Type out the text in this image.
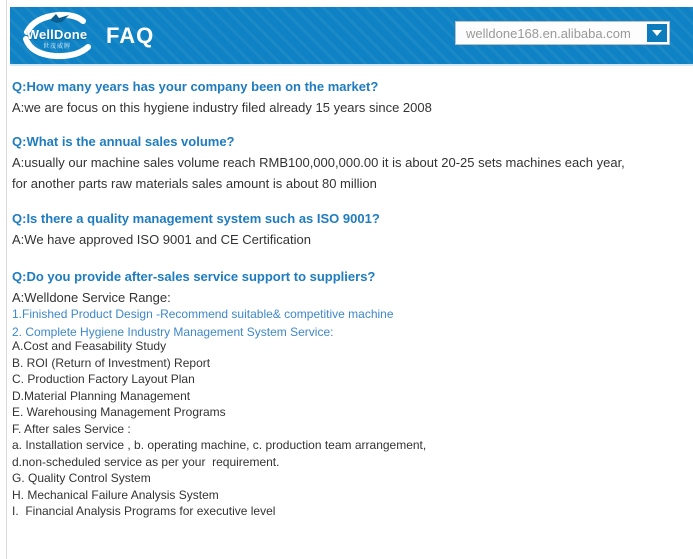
WellDone
世茂威牌	FAQ	welldone168.en.alibaba.com
Q:How many years has your company been on the market?
A:we are focus on this hygiene industry filed already 15 years since 2008
Q:What is the annual sales volume?
A:usually our machine sales volume reach RMB100,000,000.00 it is about 20-25 sets machines each year,
for another parts raw materials sales amount is about 80 million
Q:Is there a quality management system such as ISO 9001?
A:We have approved ISO 9001 and CE Certification
Q:Do you provide after-sales service support to suppliers?
A:Welldone Service Range:
1.Finished Product Design -Recommend suitable& competitive machine
2. Complete Hygiene Industry Management System Service:
A.Cost and Feasability Study
B. ROI (Return of Investment) Report
C. Production Factory Layout Plan
D.Material Planning Management
E. Warehousing Management Programs
F. After sales Service :
a. Installation service , b. operating machine, c. production team arrangement,
d.non-scheduled service as per your  requirement.
G. Quality Control System
H. Mechanical Failure Analysis System
I.  Financial Analysis Programs for executive level
